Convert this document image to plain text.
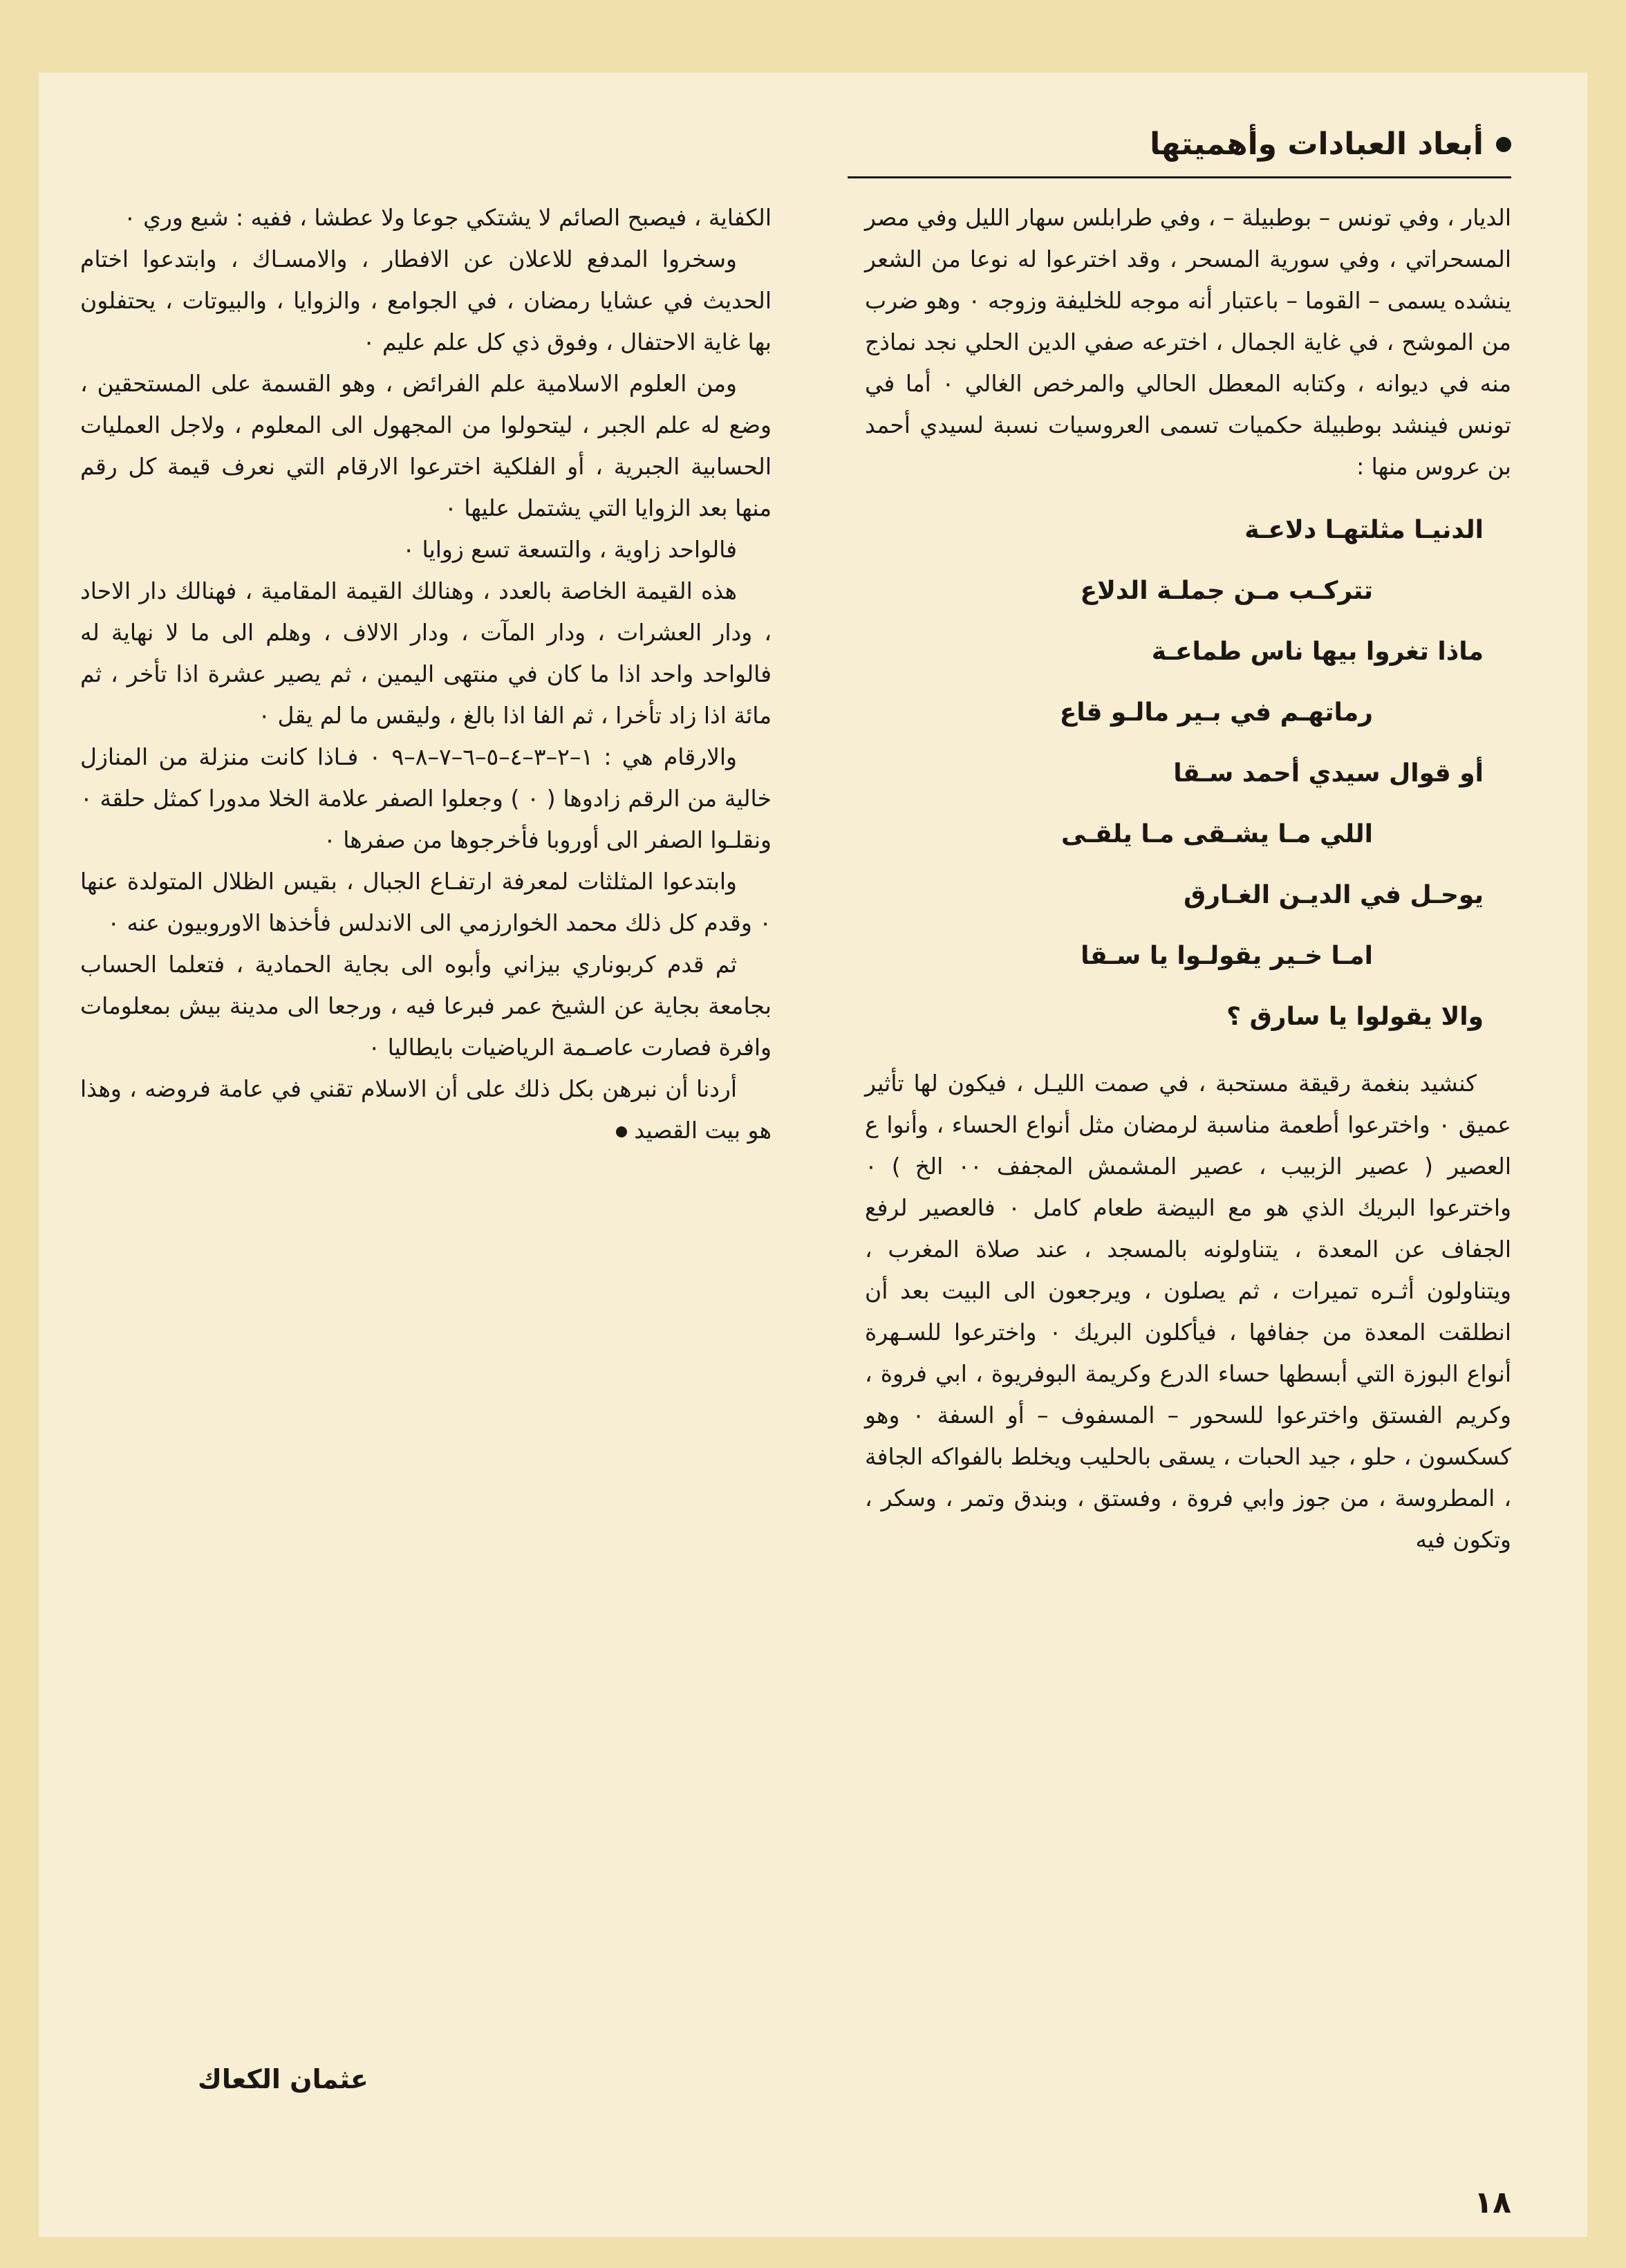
أبعاد العبادات وأهميتها

الديار ، وفي تونس – بوطبيلة – ، وفي طرابلس سهار الليل وفي مصر المسحراتي ، وفي سورية المسحر ، وقد اخترعوا له نوعا من الشعر ينشده يسمى – القوما – باعتبار أنه موجه للخليفة وزوجه ٠ وهو ضرب من الموشح ، في غاية الجمال ، اخترعه صفي الدين الحلي نجد نماذج منه في ديوانه ، وكتابه المعطل الحالي والمرخص الغالي ٠ أما في تونس فينشد بوطبيلة حكميات تسمى العروسيات نسبة لسيدي أحمد بن عروس منها :

الدنيـا مثلتهـا دلاعـة

تتركـب مـن جملـة الدلاع

ماذا تغروا بيها ناس طماعـة

رماتهـم في بـير مالـو قاع

أو قوال سيدي أحمد سـقا

اللي مـا يشـقى مـا يلقـى

يوحـل في الديـن الغـارق

امـا خـير يقولـوا يا سـقا

والا يقولوا يا سارق ؟

كنشيد بنغمة رقيقة مستحبة ، في صمت الليـل ، فيكون لها تأثير عميق ٠ واخترعوا أطعمة مناسبة لرمضان مثل أنواع الحساء ، وأنوا ع العصير ( عصير الزبيب ، عصير المشمش المجفف ٠٠ الخ ) ٠ واخترعوا البريك الذي هو مع البيضة طعام كامل ٠ فالعصير لرفع الجفاف عن المعدة ، يتناولونه بالمسجد ، عند صلاة المغرب ، ويتناولون أثـره تميرات ، ثم يصلون ، ويرجعون الى البيت بعد أن انطلقت المعدة من جفافها ، فيأكلون البريك ٠ واخترعوا للسـهرة أنواع البوزة التي أبسطها حساء الدرع وكريمة البوفريوة ، ابي فروة ، وكريم الفستق واخترعوا للسحور – المسفوف – أو السفة ٠ وهو كسكسون ، حلو ، جيد الحبات ، يسقى بالحليب ويخلط بالفواكه الجافة ، المطروسة ، من جوز وابي فروة ، وفستق ، وبندق وتمر ، وسكر ، وتكون فيه

الكفاية ، فيصبح الصائم لا يشتكي جوعا ولا عطشا ، ففيه : شبع وري ٠

وسخروا المدفع للاعلان عن الافطار ، والامسـاك ، وابتدعوا اختام الحديث في عشايا رمضان ، في الجوامع ، والزوايا ، والبيوتات ، يحتفلون بها غاية الاحتفال ، وفوق ذي كل علم عليم ٠

ومن العلوم الاسلامية علم الفرائض ، وهو القسمة على المستحقين ، وضع له علم الجبر ، ليتحولوا من المجهول الى المعلوم ، ولاجل العمليات الحسابية الجبرية ، أو الفلكية اخترعوا الارقام التي نعرف قيمة كل رقم منها بعد الزوايا التي يشتمل عليها ٠

فالواحد زاوية ، والتسعة تسع زوايا ٠

هذه القيمة الخاصة بالعدد ، وهنالك القيمة المقامية ، فهنالك دار الاحاد ، ودار العشرات ، ودار المآت ، ودار الالاف ، وهلم الى ما لا نهاية له فالواحد واحد اذا ما كان في منتهى اليمين ، ثم يصير عشرة اذا تأخر ، ثم مائة اذا زاد تأخرا ، ثم الفا اذا بالغ ، وليقس ما لم يقل ٠

والارقام هي : ١–٢–٣–٤–٥–٦–٧–٨–٩ ٠ فـاذا كانت منزلة من المنازل خالية من الرقم زادوها ( ٠ ) وجعلوا الصفر علامة الخلا مدورا كمثل حلقة ٠ ونقلـوا الصفر الى أوروبا فأخرجوها من صفرها ٠

وابتدعوا المثلثات لمعرفة ارتفـاع الجبال ، بقيس الظلال المتولدة عنها ٠ وقدم كل ذلك محمد الخوارزمي الى الاندلس فأخذها الاوروبيون عنه ٠

ثم قدم كربوناري بيزاني وأبوه الى بجاية الحمادية ، فتعلما الحساب بجامعة بجاية عن الشيخ عمر فبرعا فيه ، ورجعا الى مدينة بيش بمعلومات وافرة فصارت عاصـمة الرياضيات بايطاليا ٠

أردنا أن نبرهن بكل ذلك على أن الاسلام تقني في عامة فروضه ، وهذا هو بيت القصيد

عثمان الكعاك
١٨
